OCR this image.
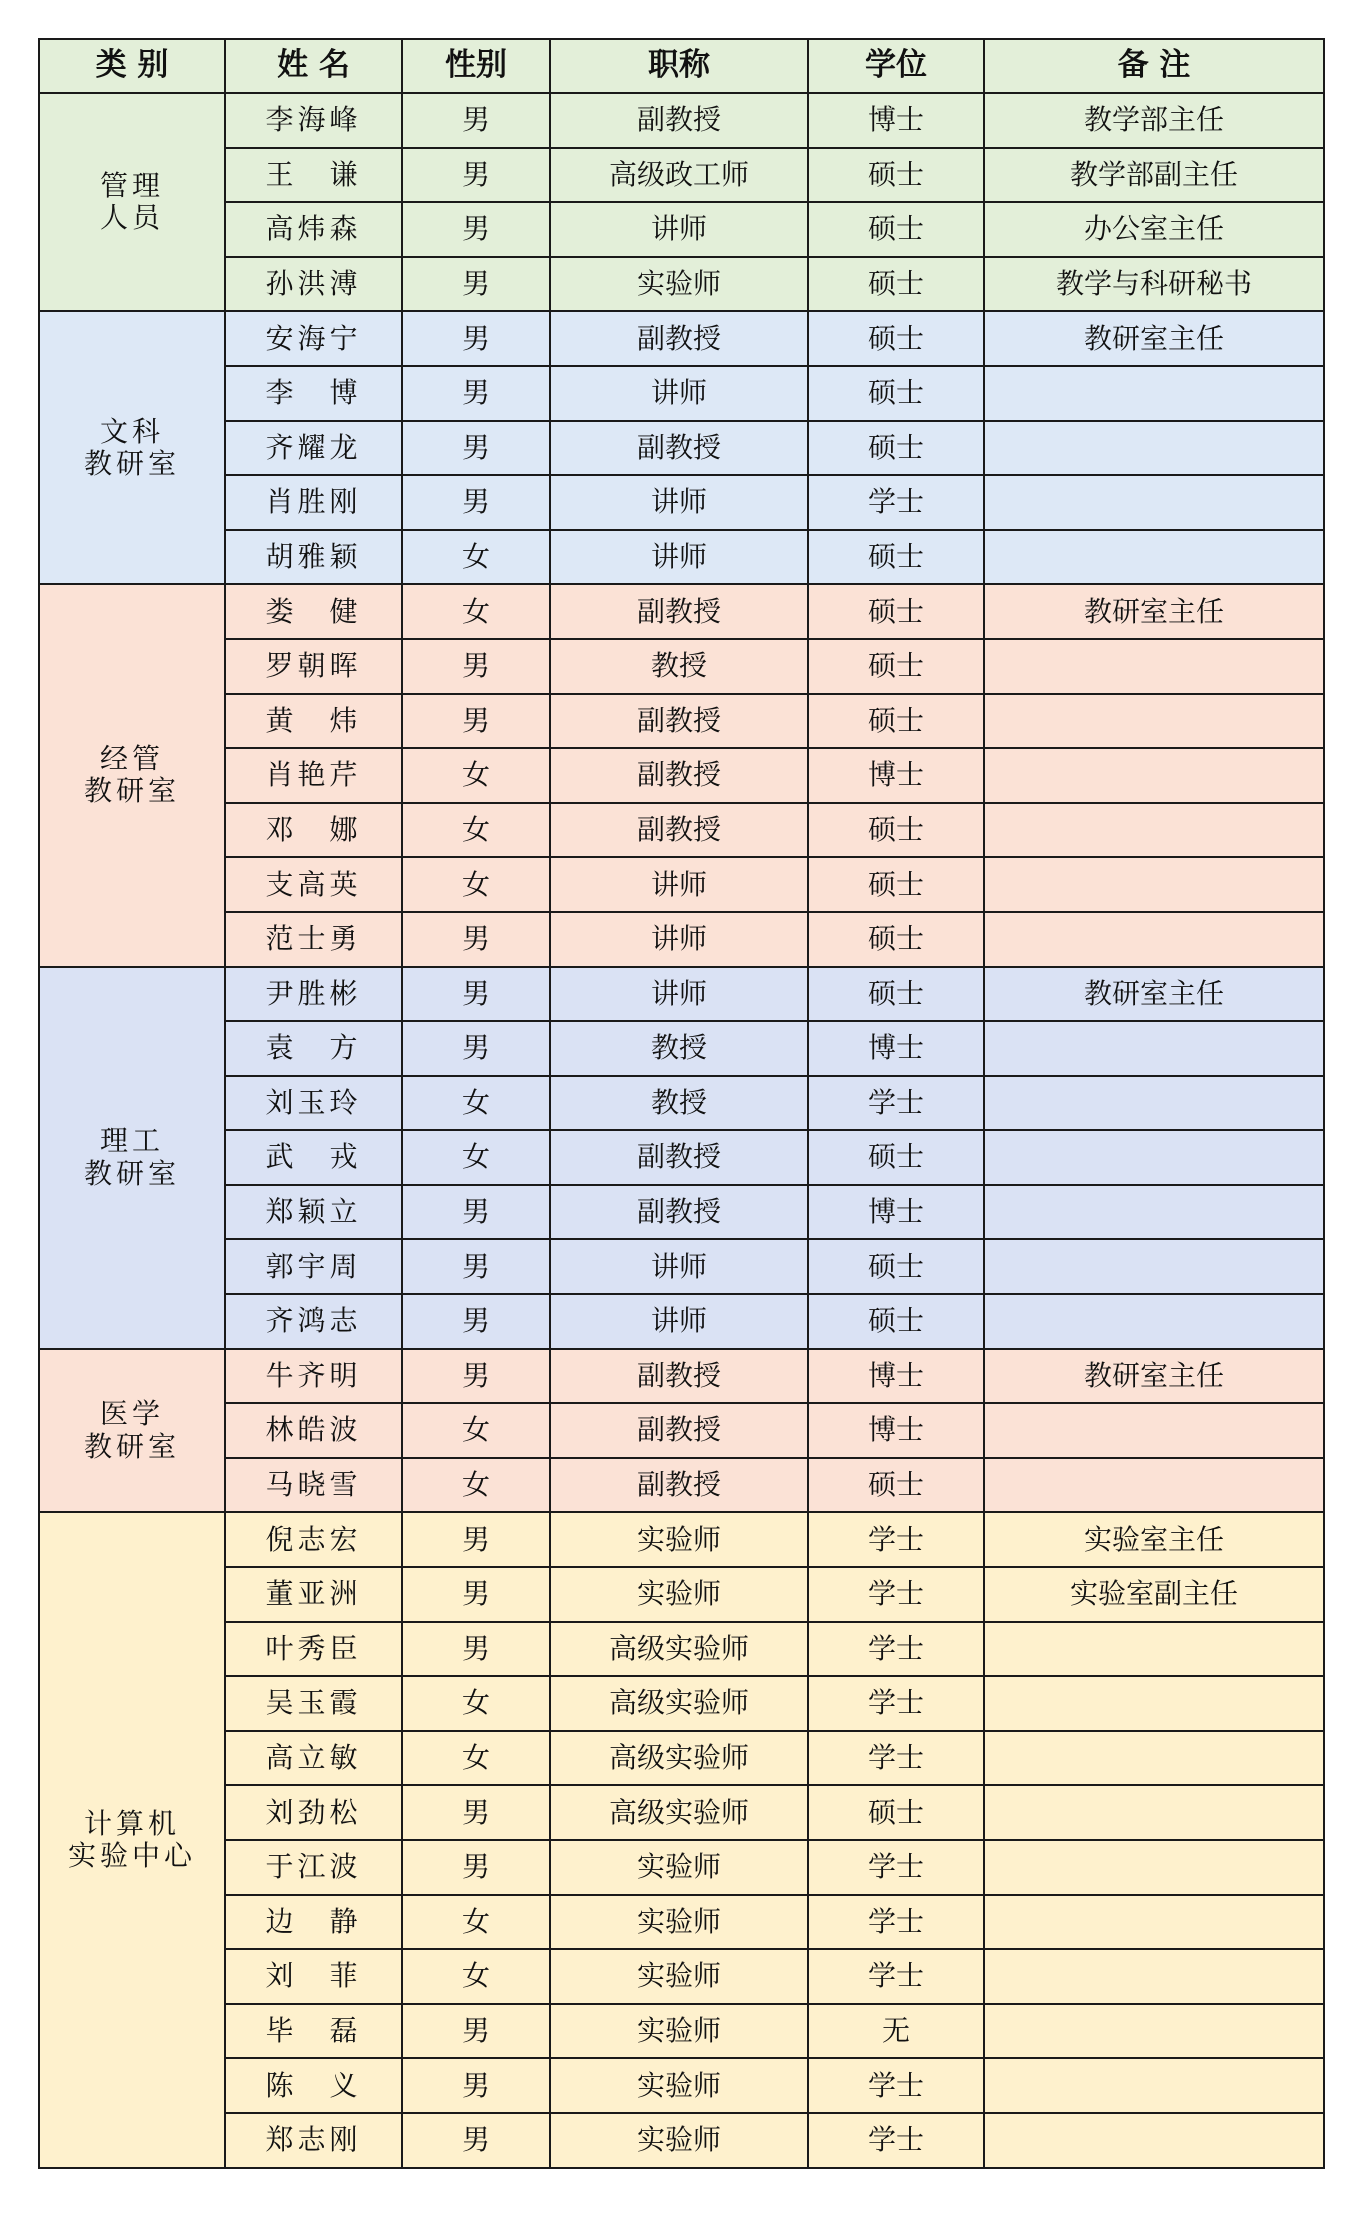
类 别	姓 名	性别	职称	学位	备 注

管理
人员	李海峰	男	副教授	博士	教学部主任
	王　谦	男	高级政工师	硕士	教学部副主任
	高炜森	男	讲师	硕士	办公室主任
	孙洪溥	男	实验师	硕士	教学与科研秘书

文科
教研室	安海宁	男	副教授	硕士	教研室主任
	李　博	男	讲师	硕士	
	齐耀龙	男	副教授	硕士	
	肖胜刚	男	讲师	学士	
	胡雅颖	女	讲师	硕士	

经管
教研室	娄　健	女	副教授	硕士	教研室主任
	罗朝晖	男	教授	硕士	
	黄　炜	男	副教授	硕士	
	肖艳芹	女	副教授	博士	
	邓　娜	女	副教授	硕士	
	支高英	女	讲师	硕士	
	范士勇	男	讲师	硕士	

理工
教研室	尹胜彬	男	讲师	硕士	教研室主任
	袁　方	男	教授	博士	
	刘玉玲	女	教授	学士	
	武　戎	女	副教授	硕士	
	郑颖立	男	副教授	博士	
	郭宇周	男	讲师	硕士	
	齐鸿志	男	讲师	硕士	

医学
教研室	牛齐明	男	副教授	博士	教研室主任
	林皓波	女	副教授	博士	
	马晓雪	女	副教授	硕士	

计算机
实验中心	倪志宏	男	实验师	学士	实验室主任
	董亚洲	男	实验师	学士	实验室副主任
	叶秀臣	男	高级实验师	学士	
	吴玉霞	女	高级实验师	学士	
	高立敏	女	高级实验师	学士	
	刘劲松	男	高级实验师	硕士	
	于江波	男	实验师	学士	
	边　静	女	实验师	学士	
	刘　菲	女	实验师	学士	
	毕　磊	男	实验师	无	
	陈　义	男	实验师	学士	
	郑志刚	男	实验师	学士	
